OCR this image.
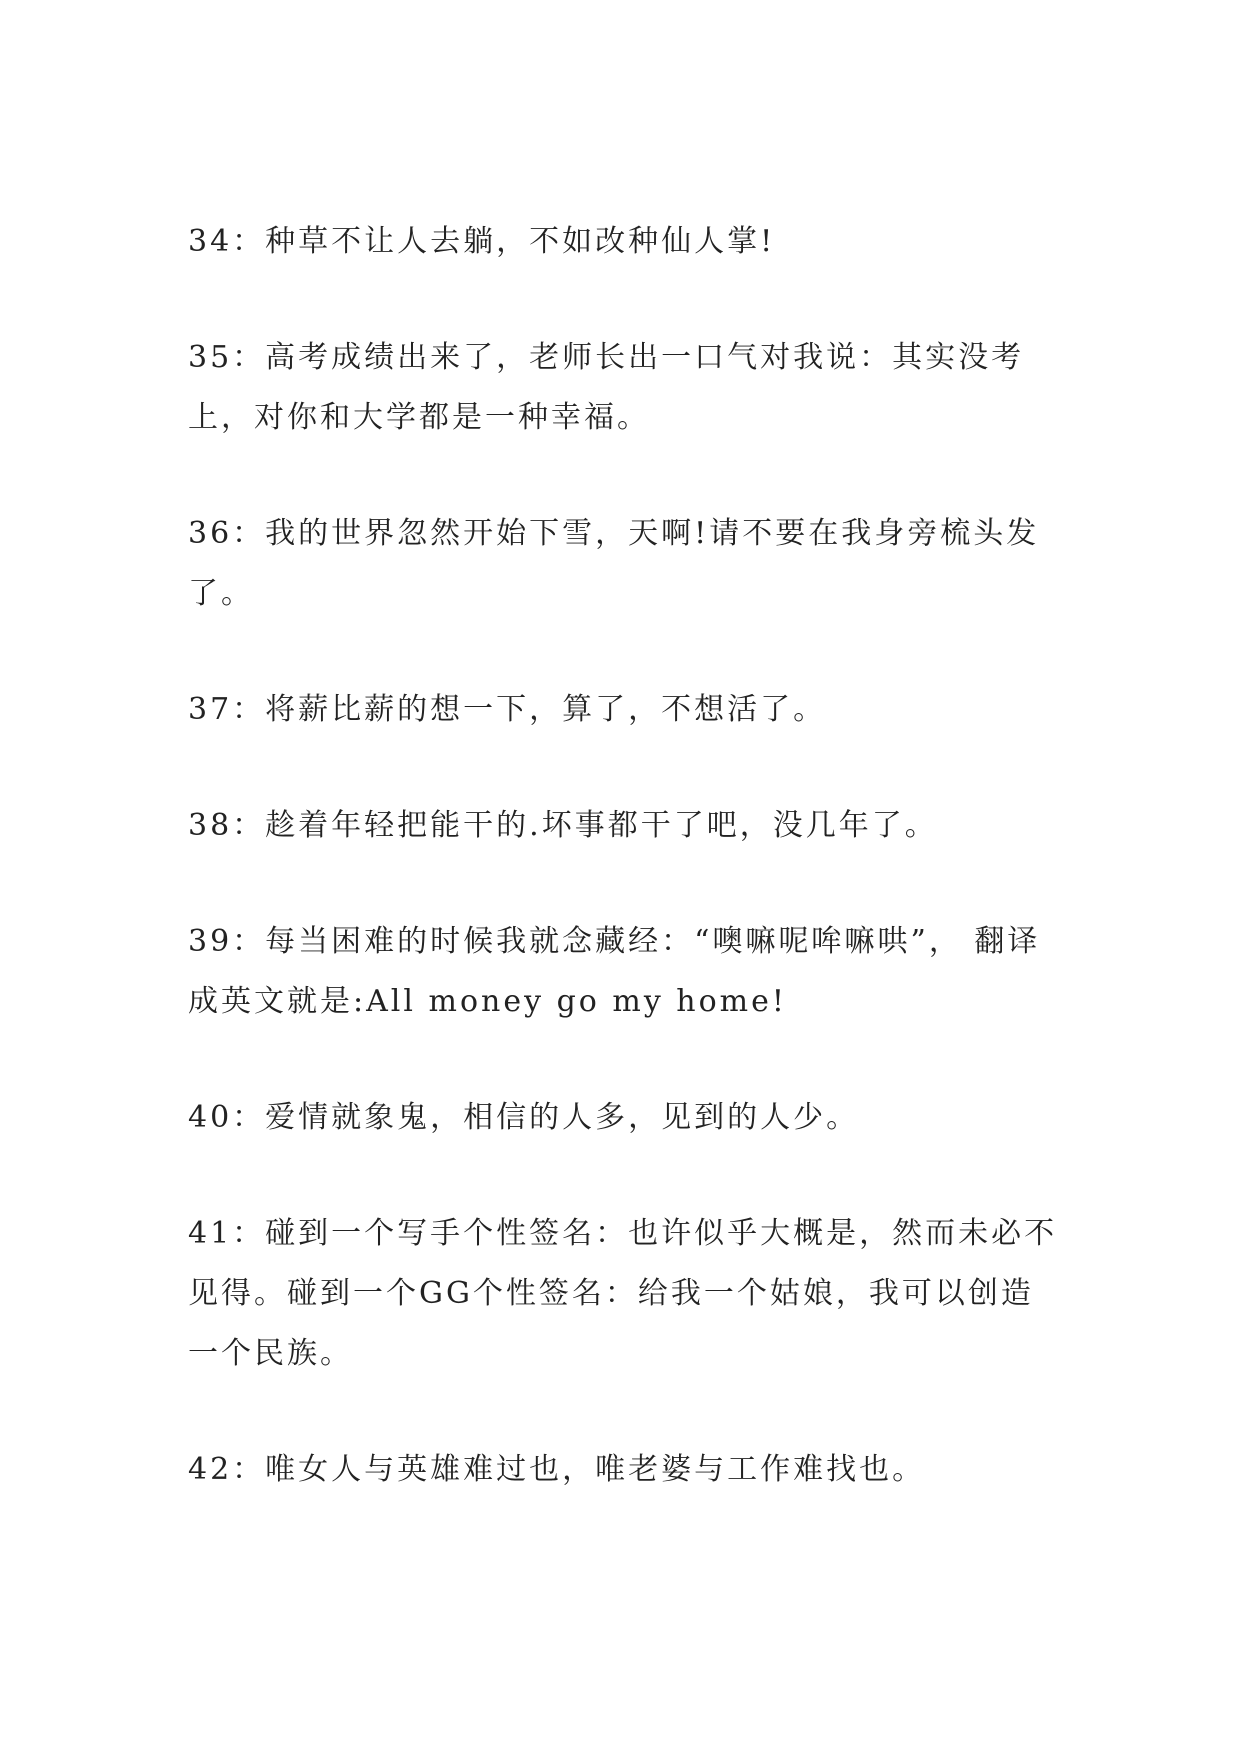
34：种草不让人去躺，不如改种仙人掌!

35：高考成绩出来了，老师长出一口气对我说：其实没考上，对你和大学都是一种幸福。

36：我的世界忽然开始下雪，天啊!请不要在我身旁梳头发了。

37：将薪比薪的想一下，算了，不想活了。

38：趁着年轻把能干的.坏事都干了吧，没几年了。

39：每当困难的时候我就念藏经：“噢嘛呢哞嘛哄”， 翻译成英文就是:All money go my home!

40：爱情就象鬼，相信的人多，见到的人少。

41：碰到一个写手个性签名：也许似乎大概是，然而未必不见得。碰到一个GG个性签名：给我一个姑娘，我可以创造一个民族。

42：唯女人与英雄难过也，唯老婆与工作难找也。
